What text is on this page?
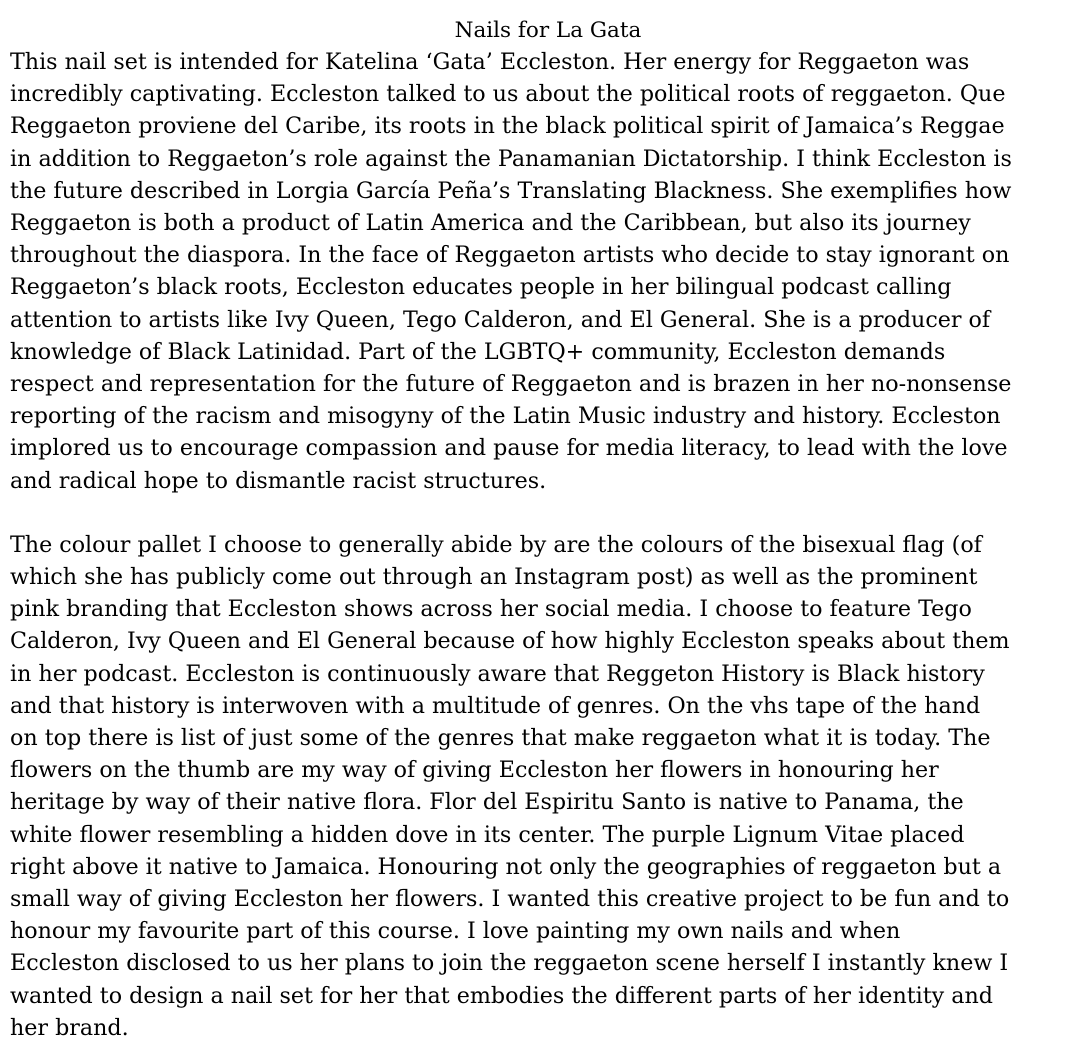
Nails for La Gata

This nail set is intended for Katelina ‘Gata’ Eccleston. Her energy for Reggaeton was
incredibly captivating. Eccleston talked to us about the political roots of reggaeton. Que
Reggaeton proviene del Caribe, its roots in the black political spirit of Jamaica’s Reggae
in addition to Reggaeton’s role against the Panamanian Dictatorship. I think Eccleston is
the future described in Lorgia García Peña’s Translating Blackness. She exemplifies how
Reggaeton is both a product of Latin America and the Caribbean, but also its journey
throughout the diaspora. In the face of Reggaeton artists who decide to stay ignorant on
Reggaeton’s black roots, Eccleston educates people in her bilingual podcast calling
attention to artists like Ivy Queen, Tego Calderon, and El General. She is a producer of
knowledge of Black Latinidad. Part of the LGBTQ+ community, Eccleston demands
respect and representation for the future of Reggaeton and is brazen in her no-nonsense
reporting of the racism and misogyny of the Latin Music industry and history. Eccleston
implored us to encourage compassion and pause for media literacy, to lead with the love
and radical hope to dismantle racist structures.

The colour pallet I choose to generally abide by are the colours of the bisexual flag (of
which she has publicly come out through an Instagram post) as well as the prominent
pink branding that Eccleston shows across her social media. I choose to feature Tego
Calderon, Ivy Queen and El General because of how highly Eccleston speaks about them
in her podcast. Eccleston is continuously aware that Reggeton History is Black history
and that history is interwoven with a multitude of genres. On the vhs tape of the hand
on top there is list of just some of the genres that make reggaeton what it is today. The
flowers on the thumb are my way of giving Eccleston her flowers in honouring her
heritage by way of their native flora. Flor del Espiritu Santo is native to Panama, the
white flower resembling a hidden dove in its center. The purple Lignum Vitae placed
right above it native to Jamaica. Honouring not only the geographies of reggaeton but a
small way of giving Eccleston her flowers. I wanted this creative project to be fun and to
honour my favourite part of this course. I love painting my own nails and when
Eccleston disclosed to us her plans to join the reggaeton scene herself I instantly knew I
wanted to design a nail set for her that embodies the different parts of her identity and
her brand.
